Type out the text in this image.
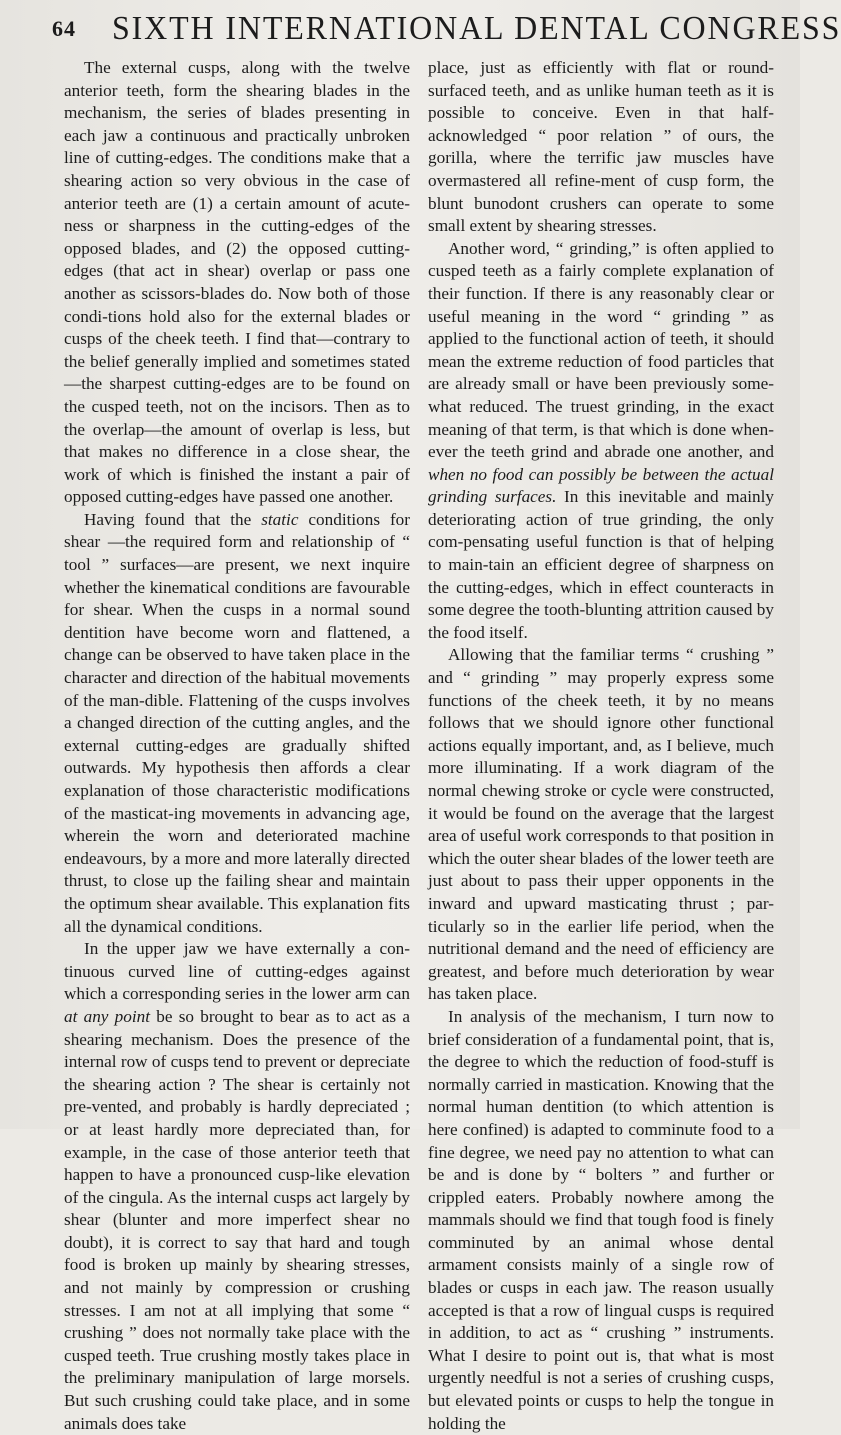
64 SIXTH INTERNATIONAL DENTAL CONGRESS

The external cusps, along with the twelve anterior teeth, form the shearing blades in the mechanism, the series of blades presenting in each jaw a continuous and practically unbroken line of cutting-edges. The conditions make that a shearing action so very obvious in the case of anterior teeth are (1) a certain amount of acute-ness or sharpness in the cutting-edges of the opposed blades, and (2) the opposed cutting-edges (that act in shear) overlap or pass one another as scissors-blades do. Now both of those condi-tions hold also for the external blades or cusps of the cheek teeth. I find that—contrary to the belief generally implied and sometimes stated—the sharpest cutting-edges are to be found on the cusped teeth, not on the incisors. Then as to the overlap—the amount of overlap is less, but that makes no difference in a close shear, the work of which is finished the instant a pair of opposed cutting-edges have passed one another.

Having found that the static conditions for shear —the required form and relationship of “ tool ” surfaces—are present, we next inquire whether the kinematical conditions are favourable for shear. When the cusps in a normal sound dentition have become worn and flattened, a change can be observed to have taken place in the character and direction of the habitual movements of the man-dible. Flattening of the cusps involves a changed direction of the cutting angles, and the external cutting-edges are gradually shifted outwards. My hypothesis then affords a clear explanation of those characteristic modifications of the masticat-ing movements in advancing age, wherein the worn and deteriorated machine endeavours, by a more and more laterally directed thrust, to close up the failing shear and maintain the optimum shear available. This explanation fits all the dynamical conditions.

In the upper jaw we have externally a con-tinuous curved line of cutting-edges against which a corresponding series in the lower arm can at any point be so brought to bear as to act as a shearing mechanism. Does the presence of the internal row of cusps tend to prevent or depreciate the shearing action ? The shear is certainly not pre-vented, and probably is hardly depreciated ; or at least hardly more depreciated than, for example, in the case of those anterior teeth that happen to have a pronounced cusp-like elevation of the cingula. As the internal cusps act largely by shear (blunter and more imperfect shear no doubt), it is correct to say that hard and tough food is broken up mainly by shearing stresses, and not mainly by compression or crushing stresses. I am not at all implying that some “ crushing ” does not normally take place with the cusped teeth. True crushing mostly takes place in the preliminary manipulation of large morsels. But such crushing could take place, and in some animals does take

place, just as efficiently with flat or round-surfaced teeth, and as unlike human teeth as it is possible to conceive. Even in that half-acknowledged “ poor relation ” of ours, the gorilla, where the terrific jaw muscles have overmastered all refine-ment of cusp form, the blunt bunodont crushers can operate to some small extent by shearing stresses.

Another word, “ grinding,” is often applied to cusped teeth as a fairly complete explanation of their function. If there is any reasonably clear or useful meaning in the word “ grinding ” as applied to the functional action of teeth, it should mean the extreme reduction of food particles that are already small or have been previously some-what reduced. The truest grinding, in the exact meaning of that term, is that which is done when-ever the teeth grind and abrade one another, and when no food can possibly be between the actual grinding surfaces. In this inevitable and mainly deteriorating action of true grinding, the only com-pensating useful function is that of helping to main-tain an efficient degree of sharpness on the cutting-edges, which in effect counteracts in some degree the tooth-blunting attrition caused by the food itself.

Allowing that the familiar terms “ crushing ” and “ grinding ” may properly express some functions of the cheek teeth, it by no means follows that we should ignore other functional actions equally important, and, as I believe, much more illuminating. If a work diagram of the normal chewing stroke or cycle were constructed, it would be found on the average that the largest area of useful work corresponds to that position in which the outer shear blades of the lower teeth are just about to pass their upper opponents in the inward and upward masticating thrust ; par-ticularly so in the earlier life period, when the nutritional demand and the need of efficiency are greatest, and before much deterioration by wear has taken place.

In analysis of the mechanism, I turn now to brief consideration of a fundamental point, that is, the degree to which the reduction of food-stuff is normally carried in mastication. Knowing that the normal human dentition (to which attention is here confined) is adapted to comminute food to a fine degree, we need pay no attention to what can be and is done by “ bolters ” and further or crippled eaters. Probably nowhere among the mammals should we find that tough food is finely comminuted by an animal whose dental armament consists mainly of a single row of blades or cusps in each jaw. The reason usually accepted is that a row of lingual cusps is required in addition, to act as “ crushing ” instruments. What I desire to point out is, that what is most urgently needful is not a series of crushing cusps, but elevated points or cusps to help the tongue in holding the
